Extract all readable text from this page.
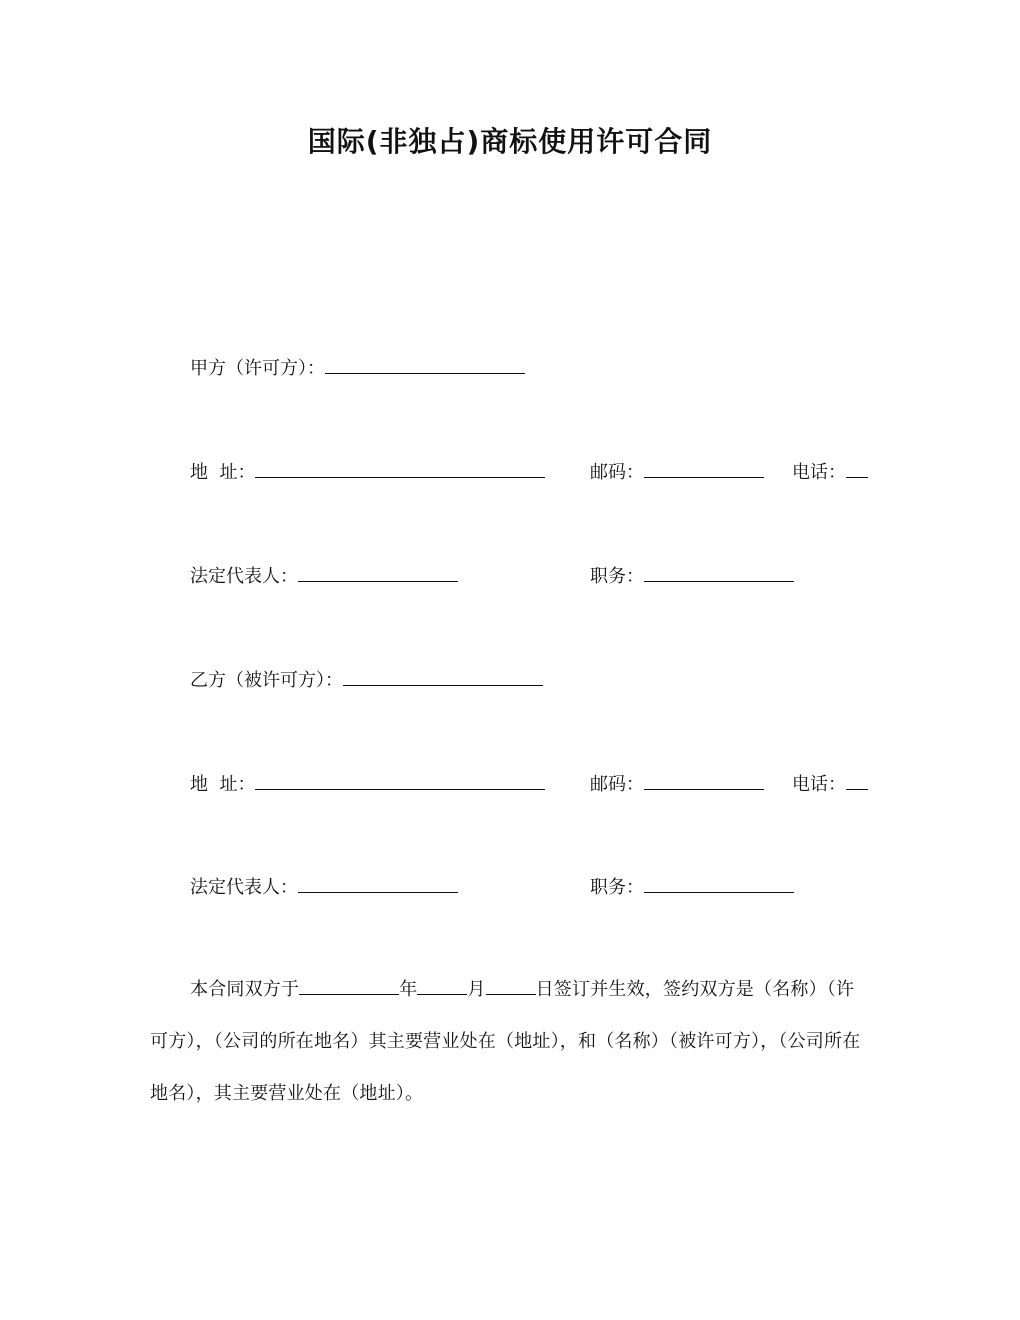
国际(非独占)商标使用许可合同
甲方（许可方）：
地  址：	邮码：	电话：
法定代表人：	职务：
乙方（被许可方）：
地  址：	邮码：	电话：
法定代表人：	职务：
本合同双方于	年	月	日签订并生效，签约双方是（名称）（许可方），（公司的所在地名）其主要营业处在（地址），和（名称）（被许可方），（公司所在地名），其主要营业处在（地址）。
